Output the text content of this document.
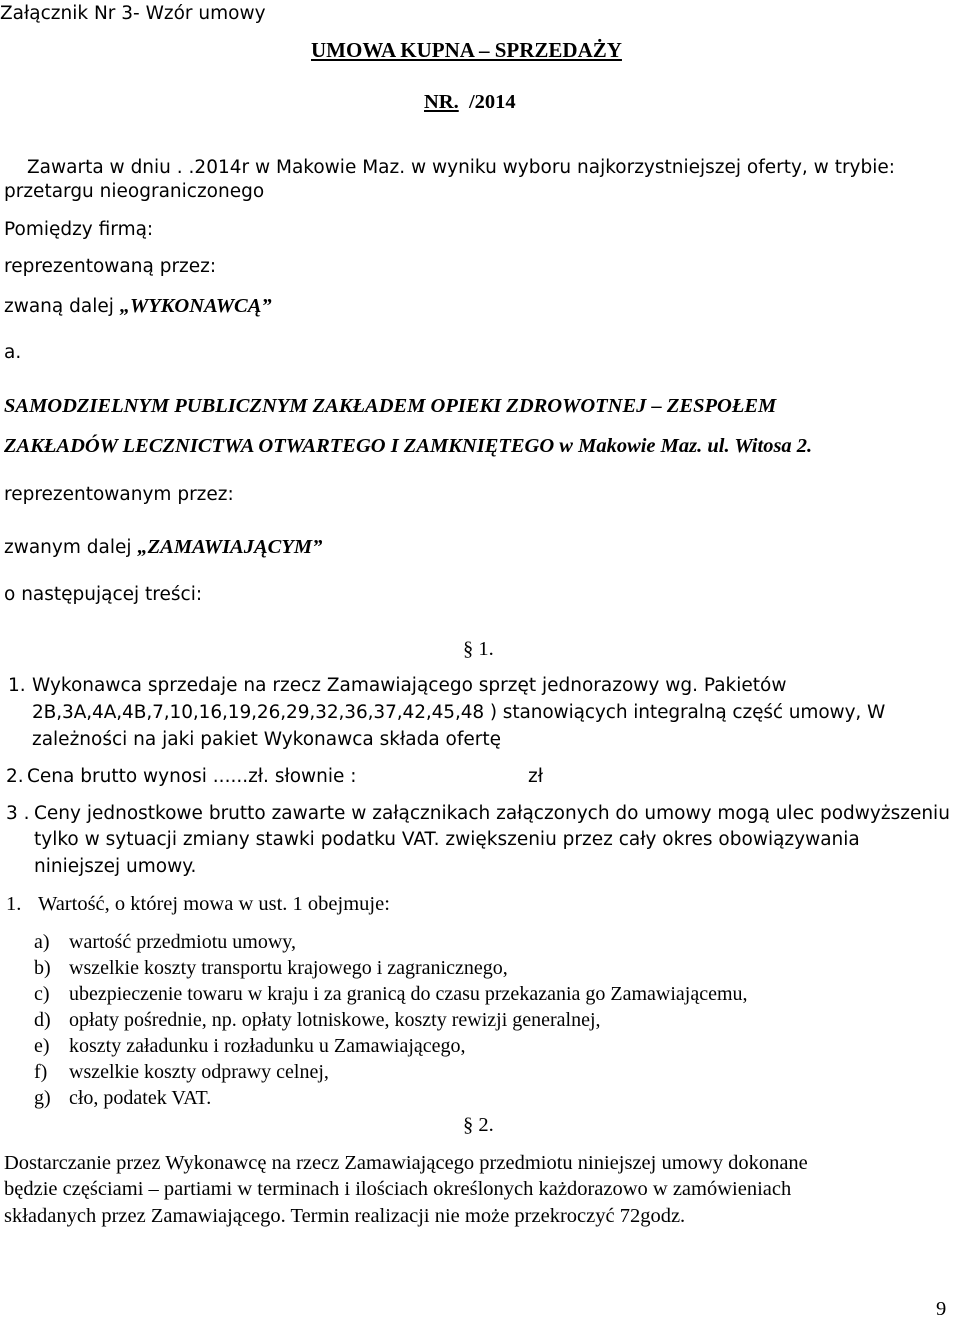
Załącznik Nr 3- Wzór umowy
UMOWA KUPNA – SPRZEDAŻY
NR.  /2014
Zawarta w dniu . .2014r w Makowie Maz. w wyniku wyboru najkorzystniejszej oferty, w trybie:
przetargu nieograniczonego
Pomiędzy firmą:
reprezentowaną przez:
zwaną dalej „WYKONAWCĄ”
a.
SAMODZIELNYM PUBLICZNYM ZAKŁADEM OPIEKI ZDROWOTNEJ – ZESPOŁEM
ZAKŁADÓW LECZNICTWA OTWARTEGO I ZAMKNIĘTEGO w Makowie Maz. ul. Witosa 2.
reprezentowanym przez:
zwanym dalej „ZAMAWIAJĄCYM”
o następującej treści:
§ 1.
1. Wykonawca sprzedaje na rzecz Zamawiającego sprzęt jednorazowy wg. Pakietów
2B,3A,4A,4B,7,10,16,19,26,29,32,36,37,42,45,48 ) stanowiących integralną część umowy, W
zależności na jaki pakiet Wykonawca składa ofertę
2. Cena brutto wynosi ......zł. słownie :	zł
3 . Ceny jednostkowe brutto zawarte w załącznikach załączonych do umowy mogą ulec podwyższeniu
tylko w sytuacji zmiany stawki podatku VAT. zwiększeniu przez cały okres obowiązywania
niniejszej umowy.
1. Wartość, o której mowa w ust. 1 obejmuje:
a) wartość przedmiotu umowy,
b) wszelkie koszty transportu krajowego i zagranicznego,
c) ubezpieczenie towaru w kraju i za granicą do czasu przekazania go Zamawiającemu,
d) opłaty pośrednie, np. opłaty lotniskowe, koszty rewizji generalnej,
e) koszty załadunku i rozładunku u Zamawiającego,
f) wszelkie koszty odprawy celnej,
g) cło, podatek VAT.
§ 2.
Dostarczanie przez Wykonawcę na rzecz Zamawiającego przedmiotu niniejszej umowy dokonane
będzie częściami – partiami w terminach i ilościach określonych każdorazowo w zamówieniach
składanych przez Zamawiającego. Termin realizacji nie może przekroczyć 72godz.
9
